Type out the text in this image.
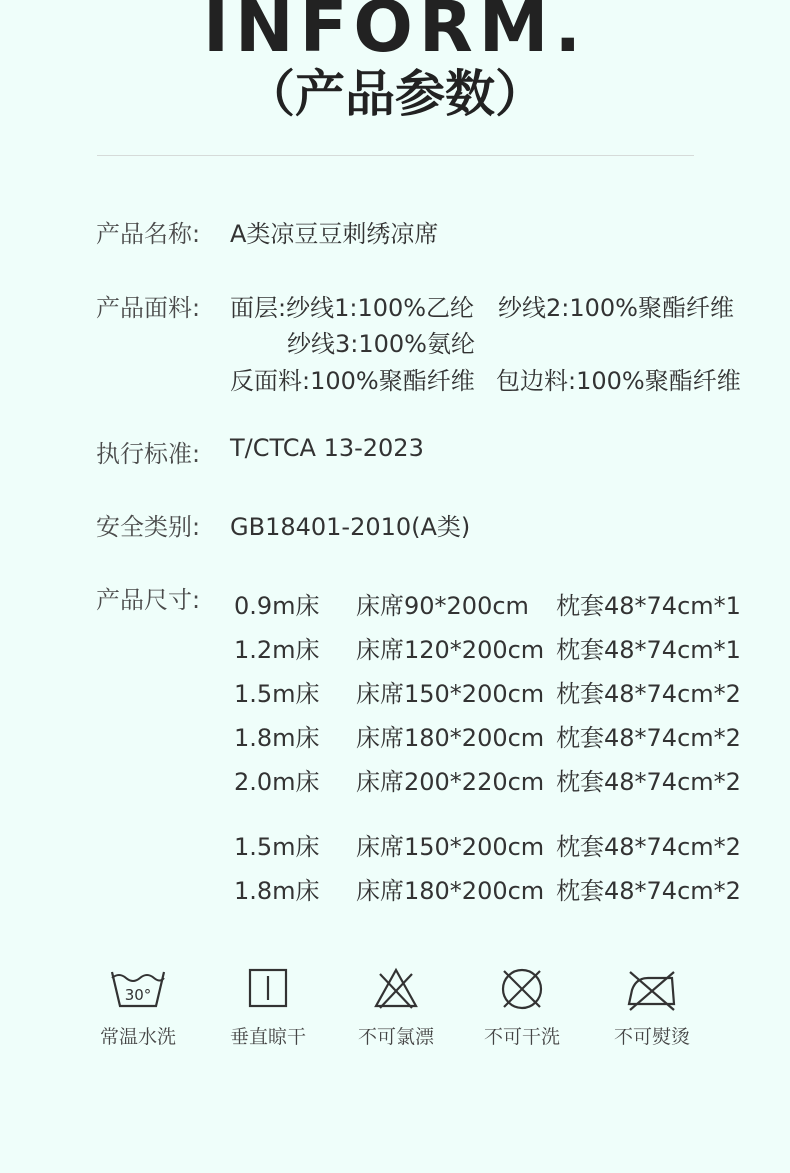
INFORM.
（产品参数）
产品名称: A类凉豆豆刺绣凉席
产品面料: 面层:纱线1:100%乙纶 纱线2:100%聚酯纤维
纱线3:100%氨纶
反面料:100%聚酯纤维 包边料:100%聚酯纤维
执行标准: T/CTCA 13-2023
安全类别: GB18401-2010(A类)
产品尺寸: 0.9m床 床席90*200cm 枕套48*74cm*1
1.2m床 床席120*200cm 枕套48*74cm*1
1.5m床 床席150*200cm 枕套48*74cm*2
1.8m床 床席180*200cm 枕套48*74cm*2
2.0m床 床席200*220cm 枕套48*74cm*2
1.5m床 床席150*200cm 枕套48*74cm*2
1.8m床 床席180*200cm 枕套48*74cm*2
30°
常温水洗	垂直晾干	不可氯漂	不可干洗	不可熨烫
